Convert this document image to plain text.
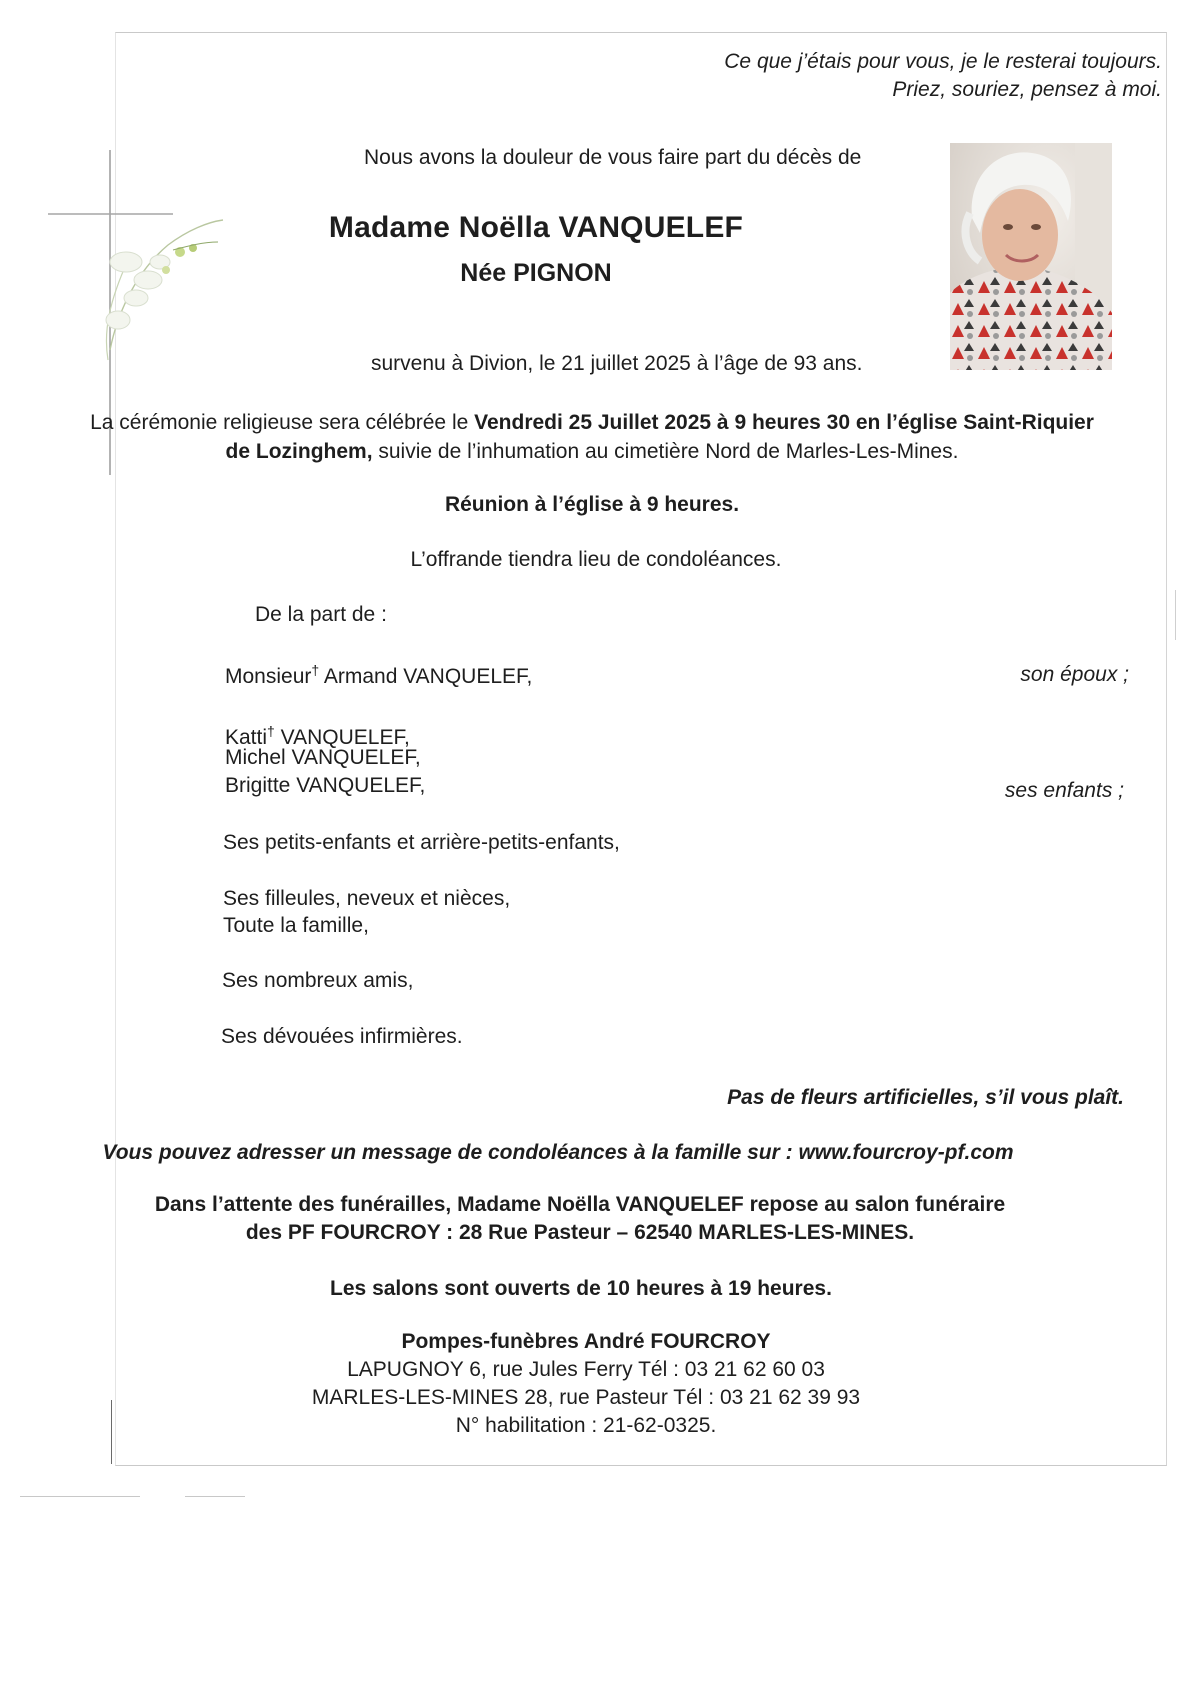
Ce que j’étais pour vous, je le resterai toujours.
Priez, souriez, pensez à moi.
Nous avons la douleur de vous faire part du décès de
Madame Noëlla VANQUELEF
Née PIGNON
survenu à Divion, le 21 juillet 2025 à l’âge de 93 ans.
La cérémonie religieuse sera célébrée le Vendredi 25 Juillet 2025 à 9 heures 30 en l’église Saint-Riquier
de Lozinghem, suivie de l’inhumation au cimetière Nord de Marles-Les-Mines.
Réunion à l’église à 9 heures.
L’offrande tiendra lieu de condoléances.
De la part de :
Monsieur† Armand VANQUELEF,	son époux ;
Katti† VANQUELEF,
Michel VANQUELEF,
Brigitte VANQUELEF,	ses enfants ;
Ses petits-enfants et arrière-petits-enfants,
Ses filleules, neveux et nièces,
Toute la famille,
Ses nombreux amis,
Ses dévouées infirmières.
Pas de fleurs artificielles, s’il vous plaît.
Vous pouvez adresser un message de condoléances à la famille sur : www.fourcroy-pf.com
Dans l’attente des funérailles, Madame Noëlla VANQUELEF repose au salon funéraire
des PF FOURCROY : 28 Rue Pasteur – 62540 MARLES-LES-MINES.
Les salons sont ouverts de 10 heures à 19 heures.
Pompes-funèbres André FOURCROY
LAPUGNOY 6, rue Jules Ferry Tél : 03 21 62 60 03
MARLES-LES-MINES 28, rue Pasteur Tél : 03 21 62 39 93
N° habilitation : 21-62-0325.
